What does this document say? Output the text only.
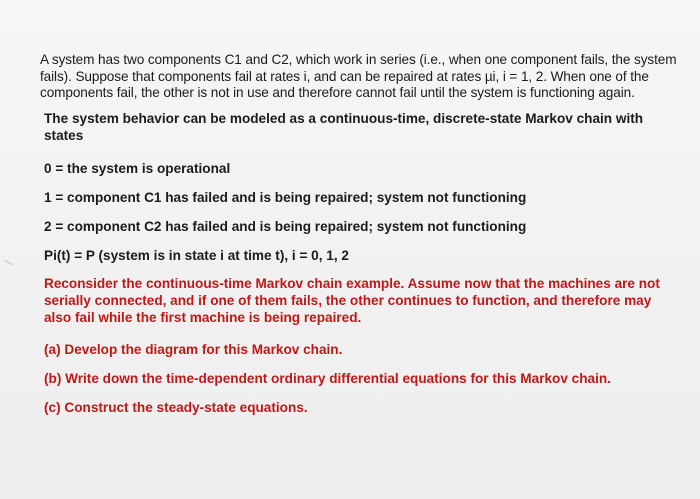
A system has two components C1 and C2, which work in series (i.e., when one component fails, the system fails). Suppose that components fail at rates i, and can be repaired at rates µi, i = 1, 2. When one of the components fail, the other is not in use and therefore cannot fail until the system is functioning again.

The system behavior can be modeled as a continuous-time, discrete-state Markov chain with states

0 = the system is operational

1 = component C1 has failed and is being repaired; system not functioning

2 = component C2 has failed and is being repaired; system not functioning

Pi(t) = P (system is in state i at time t), i = 0, 1, 2

Reconsider the continuous-time Markov chain example. Assume now that the machines are not serially connected, and if one of them fails, the other continues to function, and therefore may also fail while the first machine is being repaired.

(a) Develop the diagram for this Markov chain.

(b) Write down the time-dependent ordinary differential equations for this Markov chain.

(c) Construct the steady-state equations.
